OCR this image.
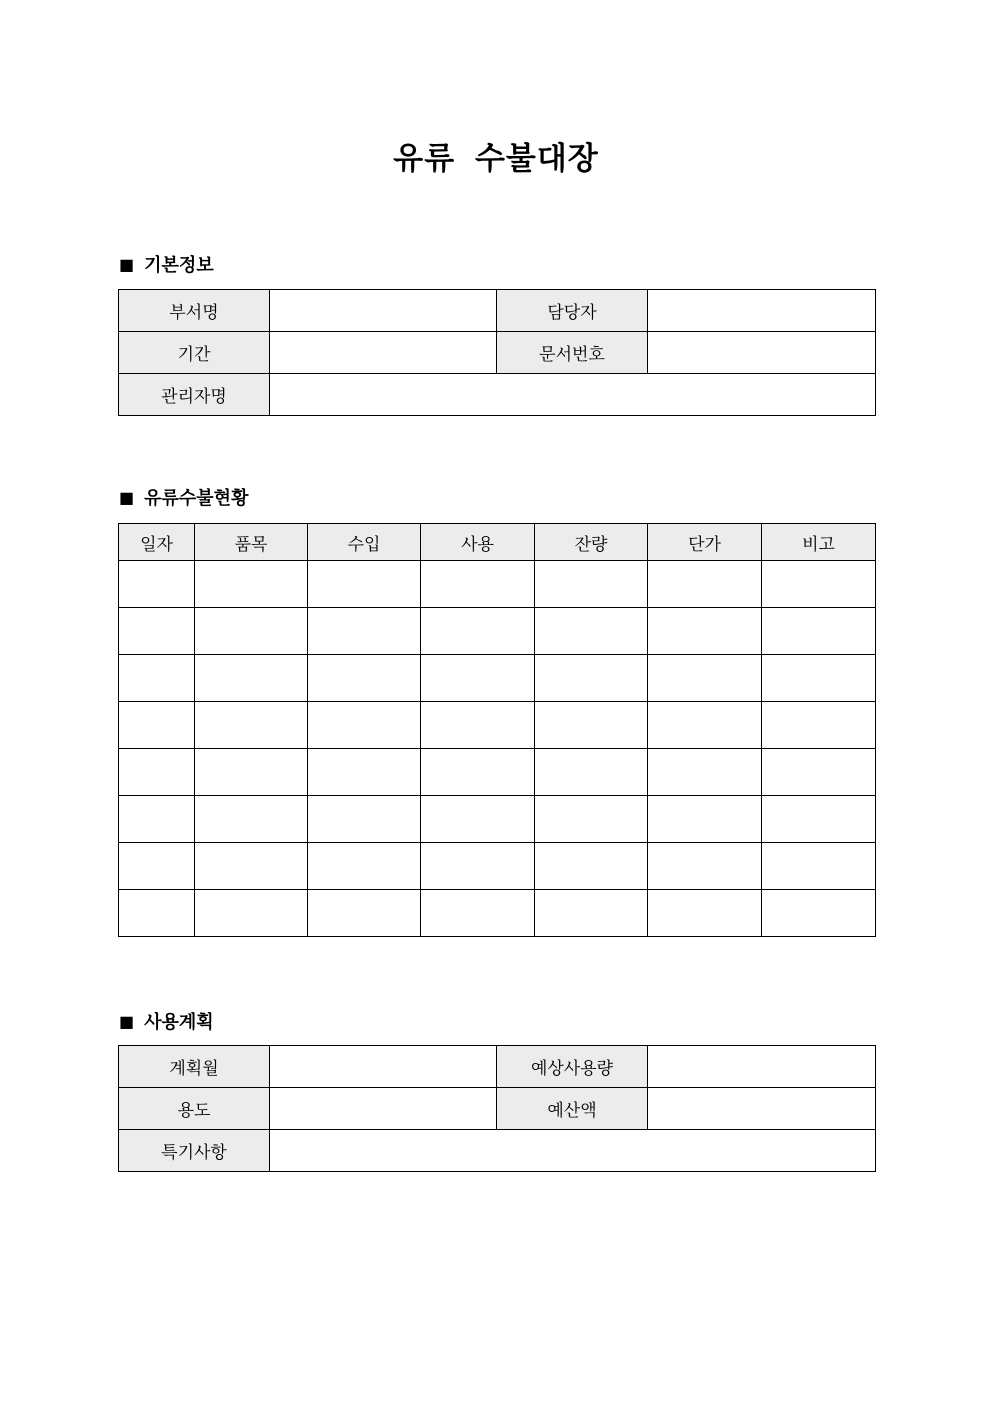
유류 수불대장
■ 기본정보
부서명		담당자	
기간		문서번호	
관리자명			
■ 유류수불현황
일자	품목	수입	사용	잔량	단가	비고

■ 사용계획
계획월		예상사용량	
용도		예산액	
특기사항			
